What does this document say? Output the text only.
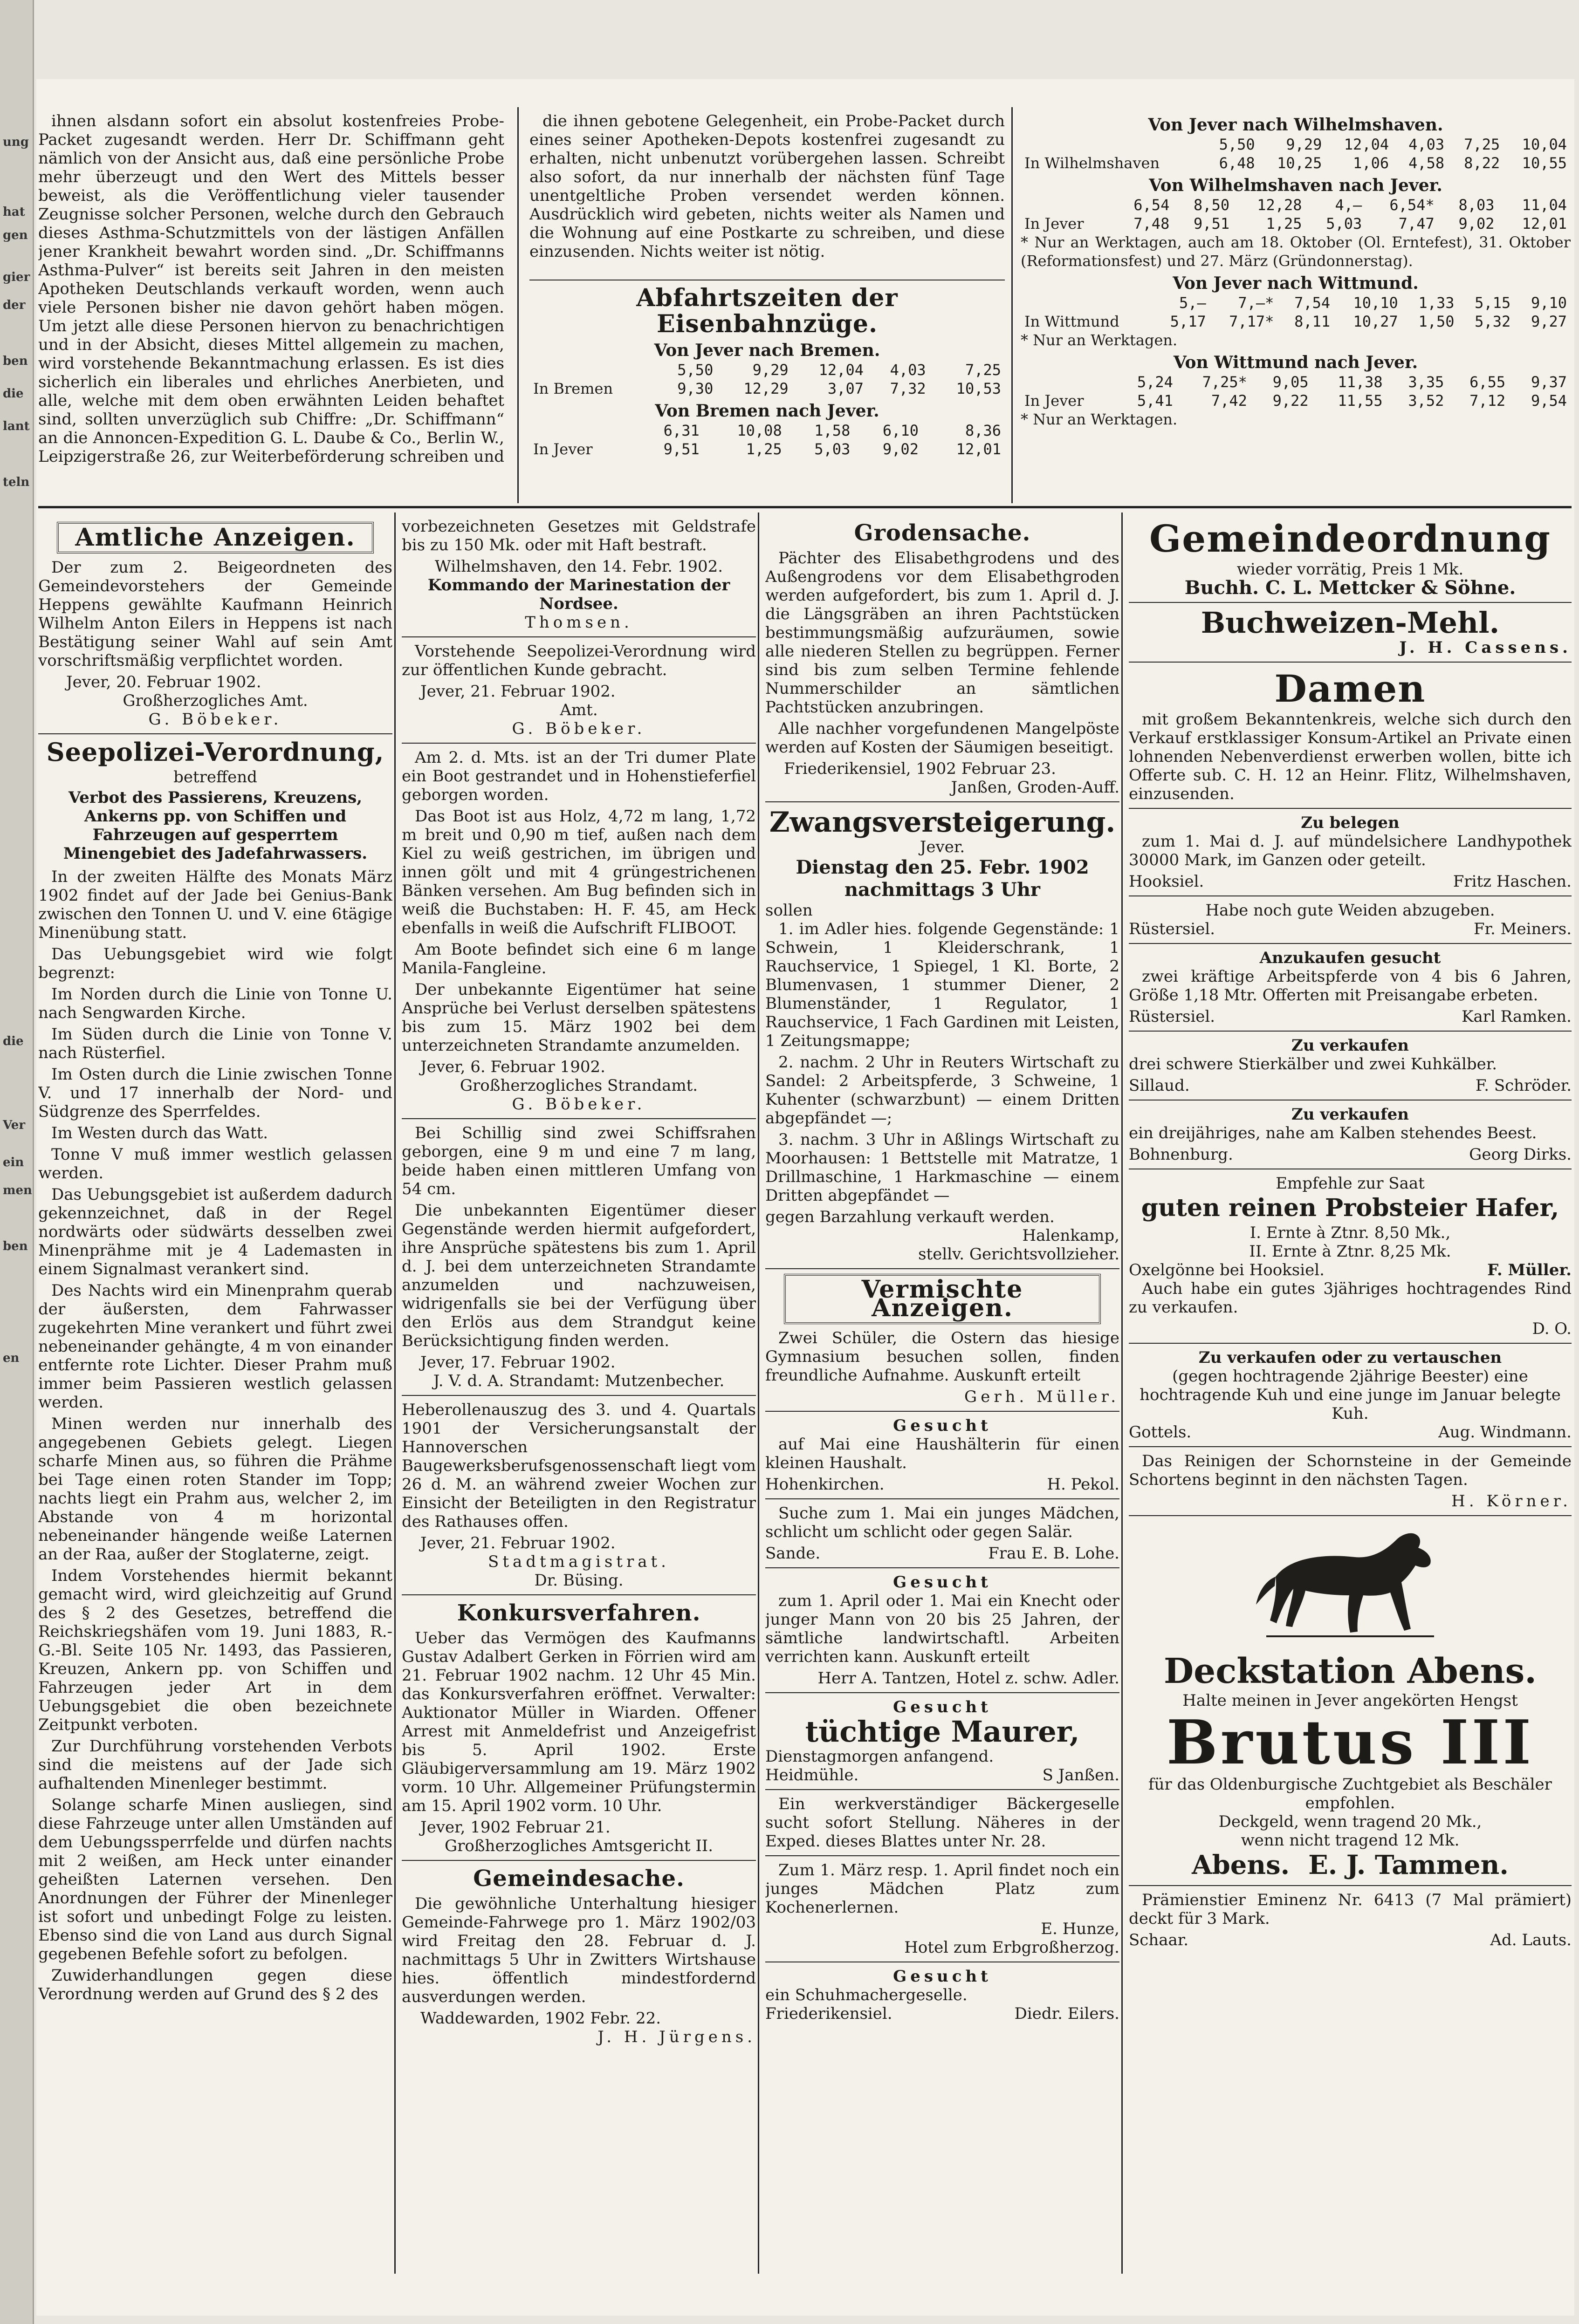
ung
hat
gen
gier
der
ben
die
lant
teln
die
Ver
ein
men
ben
en

ihnen alsdann sofort ein absolut kostenfreies Probe-Packet zugesandt werden. Herr Dr. Schiffmann geht nämlich von der Ansicht aus, daß eine persönliche Probe mehr überzeugt und den Wert des Mittels besser beweist, als die Veröffentlichung vieler tausender Zeugnisse solcher Personen, welche durch den Gebrauch dieses Asthma-Schutzmittels von der lästigen Anfällen jener Krankheit bewahrt worden sind. „Dr. Schiffmanns Asthma-Pulver“ ist bereits seit Jahren in den meisten Apotheken Deutschlands verkauft worden, wenn auch viele Personen bisher nie davon gehört haben mögen. Um jetzt alle diese Personen hiervon zu benachrichtigen und in der Absicht, dieses Mittel allgemein zu machen, wird vorstehende Bekanntmachung erlassen. Es ist dies sicherlich ein liberales und ehrliches Anerbieten, und alle, welche mit dem oben erwähnten Leiden behaftet sind, sollten unverzüglich sub Chiffre: „Dr. Schiffmann“ an die Annoncen-Expedition G. L. Daube & Co., Berlin W., Leipzigerstraße 26, zur Weiterbeförderung schreiben und

die ihnen gebotene Gelegenheit, ein Probe-Packet durch eines seiner Apotheken-Depots kostenfrei zugesandt zu erhalten, nicht unbenutzt vorübergehen lassen. Schreibt also sofort, da nur innerhalb der nächsten fünf Tage unentgeltliche Proben versendet werden können. Ausdrücklich wird gebeten, nichts weiter als Namen und die Wohnung auf eine Postkarte zu schreiben, und diese einzusenden. Nichts weiter ist nötig.

Abfahrtszeiten der Eisenbahnzüge.
Von Jever nach Bremen.
	5,50	9,29	12,04	4,03	7,25
In Bremen	9,30	12,29	3,07	7,32	10,53
Von Bremen nach Jever.
	6,31	10,08	1,58	6,10	8,36
In Jever	9,51	1,25	5,03	9,02	12,01
Von Jever nach Wilhelmshaven.
	5,50	9,29	12,04	4,03	7,25	10,04
In Wilhelmshaven	6,48	10,25	1,06	4,58	8,22	10,55
Von Wilhelmshaven nach Jever.
	6,54	8,50	12,28	4,—	6,54*	8,03	11,04
In Jever	7,48	9,51	1,25	5,03	7,47	9,02	12,01
* Nur an Werktagen, auch am 18. Oktober (Ol. Erntefest), 31. Oktober (Reformationsfest) und 27. März (Gründonnerstag).
Von Jever nach Wittmund.
	5,—	7,—*	7,54	10,10	1,33	5,15	9,10
In Wittmund	5,17	7,17*	8,11	10,27	1,50	5,32	9,27
* Nur an Werktagen.
Von Wittmund nach Jever.
	5,24	7,25*	9,05	11,38	3,35	6,55	9,37
In Jever	5,41	7,42	9,22	11,55	3,52	7,12	9,54
* Nur an Werktagen.
Amtliche Anzeigen.

Der zum 2. Beigeordneten des Gemeindevorstehers der Gemeinde Heppens gewählte Kaufmann Heinrich Wilhelm Anton Eilers in Heppens ist nach Bestätigung seiner Wahl auf sein Amt vorschriftsmäßig verpflichtet worden.

Jever, 20. Februar 1902.
Großherzogliches Amt.
G. Böbeker.
Seepolizei-Verordnung,
betreffend
Verbot des Passierens, Kreuzens, Ankerns pp. von Schiffen und Fahrzeugen auf gesperrtem Minengebiet des Jadefahrwassers.

In der zweiten Hälfte des Monats März 1902 findet auf der Jade bei Genius-Bank zwischen den Tonnen U. und V. eine 6tägige Minenübung statt.

Das Uebungsgebiet wird wie folgt begrenzt:

Im Norden durch die Linie von Tonne U. nach Sengwarden Kirche.

Im Süden durch die Linie von Tonne V. nach Rüsterfiel.

Im Osten durch die Linie zwischen Tonne V. und 17 innerhalb der Nord- und Südgrenze des Sperrfeldes.

Im Westen durch das Watt.

Tonne V muß immer westlich gelassen werden.

Das Uebungsgebiet ist außerdem dadurch gekennzeichnet, daß in der Regel nordwärts oder südwärts desselben zwei Minenprähme mit je 4 Lademasten in einem Signalmast verankert sind.

Des Nachts wird ein Minenprahm querab der äußersten, dem Fahrwasser zugekehrten Mine verankert und führt zwei nebeneinander gehängte, 4 m von einander entfernte rote Lichter. Dieser Prahm muß immer beim Passieren westlich gelassen werden.

Minen werden nur innerhalb des angegebenen Gebiets gelegt. Liegen scharfe Minen aus, so führen die Prähme bei Tage einen roten Stander im Topp; nachts liegt ein Prahm aus, welcher 2, im Abstande von 4 m horizontal nebeneinander hängende weiße Laternen an der Raa, außer der Stoglaterne, zeigt.

Indem Vorstehendes hiermit bekannt gemacht wird, wird gleichzeitig auf Grund des § 2 des Gesetzes, betreffend die Reichskriegshäfen vom 19. Juni 1883, R.-G.-Bl. Seite 105 Nr. 1493, das Passieren, Kreuzen, Ankern pp. von Schiffen und Fahrzeugen jeder Art in dem Uebungsgebiet die oben bezeichnete Zeitpunkt verboten.

Zur Durchführung vorstehenden Verbots sind die meistens auf der Jade sich aufhaltenden Minenleger bestimmt.

Solange scharfe Minen ausliegen, sind diese Fahrzeuge unter allen Umständen auf dem Uebungssperrfelde und dürfen nachts mit 2 weißen, am Heck unter einander geheißten Laternen versehen. Den Anordnungen der Führer der Minenleger ist sofort und unbedingt Folge zu leisten. Ebenso sind die von Land aus durch Signal gegebenen Befehle sofort zu befolgen.

Zuwiderhandlungen gegen diese Verordnung werden auf Grund des § 2 des

vorbezeichneten Gesetzes mit Geldstrafe bis zu 150 Mk. oder mit Haft bestraft.

Wilhelmshaven, den 14. Febr. 1902.
Kommando der Marinestation der Nordsee.
Thomsen.

Vorstehende Seepolizei-Verordnung wird zur öffentlichen Kunde gebracht.

Jever, 21. Februar 1902.
Amt.
G. Böbeker.

Am 2. d. Mts. ist an der Tri dumer Plate ein Boot gestrandet und in Hohenstieferfiel geborgen worden.

Das Boot ist aus Holz, 4,72 m lang, 1,72 m breit und 0,90 m tief, außen nach dem Kiel zu weiß gestrichen, im übrigen und innen gölt und mit 4 grüngestrichenen Bänken versehen. Am Bug befinden sich in weiß die Buchstaben: H. F. 45, am Heck ebenfalls in weiß die Aufschrift FLIBOOT.

Am Boote befindet sich eine 6 m lange Manila-Fangleine.

Der unbekannte Eigentümer hat seine Ansprüche bei Verlust derselben spätestens bis zum 15. März 1902 bei dem unterzeichneten Strandamte anzumelden.

Jever, 6. Februar 1902.
Großherzogliches Strandamt.
G. Böbeker.

Bei Schillig sind zwei Schiffsrahen geborgen, eine 9 m und eine 7 m lang, beide haben einen mittleren Umfang von 54 cm.

Die unbekannten Eigentümer dieser Gegenstände werden hiermit aufgefordert, ihre Ansprüche spätestens bis zum 1. April d. J. bei dem unterzeichneten Strandamte anzumelden und nachzuweisen, widrigenfalls sie bei der Verfügung über den Erlös aus dem Strandgut keine Berücksichtigung finden werden.

Jever, 17. Februar 1902.
J. V. d. A. Strandamt: Mutzenbecher.

Heberollenauszug des 3. und 4. Quartals 1901 der Versicherungsanstalt der Hannoverschen Baugewerksberufsgenossenschaft liegt vom 26 d. M. an während zweier Wochen zur Einsicht der Beteiligten in den Registratur des Rathauses offen.

Jever, 21. Februar 1902.
Stadtmagistrat.
Dr. Büsing.
Konkursverfahren.

Ueber das Vermögen des Kaufmanns Gustav Adalbert Gerken in Förrien wird am 21. Februar 1902 nachm. 12 Uhr 45 Min. das Konkursverfahren eröffnet. Verwalter: Auktionator Müller in Wiarden. Offener Arrest mit Anmeldefrist und Anzeigefrist bis 5. April 1902. Erste Gläubigerversammlung am 19. März 1902 vorm. 10 Uhr. Allgemeiner Prüfungstermin am 15. April 1902 vorm. 10 Uhr.

Jever, 1902 Februar 21.
Großherzogliches Amtsgericht II.
Gemeindesache.

Die gewöhnliche Unterhaltung hiesiger Gemeinde-Fahrwege pro 1. März 1902/03 wird Freitag den 28. Februar d. J. nachmittags 5 Uhr in Zwitters Wirtshause hies. öffentlich mindestfordernd ausverdungen werden.

Waddewarden, 1902 Febr. 22.
J. H. Jürgens.
Grodensache.

Pächter des Elisabethgrodens und des Außengrodens vor dem Elisabethgroden werden aufgefordert, bis zum 1. April d. J. die Längsgräben an ihren Pachtstücken bestimmungsmäßig aufzuräumen, sowie alle niederen Stellen zu begrüppen. Ferner sind bis zum selben Termine fehlende Nummerschilder an sämtlichen Pachtstücken anzubringen.

Alle nachher vorgefundenen Mangelpöste werden auf Kosten der Säumigen beseitigt.

Friederikensiel, 1902 Februar 23.
Janßen, Groden-Auff.
Zwangsversteigerung.
Jever.
Dienstag den 25. Febr. 1902 nachmittags 3 Uhr
sollen

1. im Adler hies. folgende Gegenstände: 1 Schwein, 1 Kleiderschrank, 1 Rauchservice, 1 Spiegel, 1 Kl. Borte, 2 Blumenvasen, 1 stummer Diener, 2 Blumenständer, 1 Regulator, 1 Rauchservice, 1 Fach Gardinen mit Leisten, 1 Zeitungsmappe;

2. nachm. 2 Uhr in Reuters Wirtschaft zu Sandel: 2 Arbeitspferde, 3 Schweine, 1 Kuhenter (schwarzbunt) — einem Dritten abgepfändet —;

3. nachm. 3 Uhr in Aßlings Wirtschaft zu Moorhausen: 1 Bettstelle mit Matratze, 1 Drillmaschine, 1 Harkmaschine — einem Dritten abgepfändet —

gegen Barzahlung verkauft werden.
Halenkamp,
stellv. Gerichtsvollzieher.
Vermischte Anzeigen.

Zwei Schüler, die Ostern das hiesige Gymnasium besuchen sollen, finden freundliche Aufnahme. Auskunft erteilt

Gerh. Müller.
Gesucht

auf Mai eine Haushälterin für einen kleinen Haushalt.

Hohenkirchen.	H. Pekol.

Suche zum 1. Mai ein junges Mädchen, schlicht um schlicht oder gegen Salär.

Sande.	Frau E. B. Lohe.
Gesucht

zum 1. April oder 1. Mai ein Knecht oder junger Mann von 20 bis 25 Jahren, der sämtliche landwirtschaftl. Arbeiten verrichten kann. Auskunft erteilt

Herr A. Tantzen, Hotel z. schw. Adler.
Gesucht
tüchtige Maurer,
Dienstagmorgen anfangend.
Heidmühle.	S Janßen.

Ein werkverständiger Bäckergeselle sucht sofort Stellung. Näheres in der Exped. dieses Blattes unter Nr. 28.

Zum 1. März resp. 1. April findet noch ein junges Mädchen Platz zum Kochenerlernen.

E. Hunze,
Hotel zum Erbgroßherzog.
Gesucht
ein Schuhmachergeselle.
Friederikensiel.	Diedr. Eilers.
Gemeindeordnung
wieder vorrätig, Preis 1 Mk.
Buchh. C. L. Mettcker & Söhne.
Buchweizen-Mehl.
J. H. Cassens.
Damen

mit großem Bekanntenkreis, welche sich durch den Verkauf erstklassiger Konsum-Artikel an Private einen lohnenden Nebenverdienst erwerben wollen, bitte ich Offerte sub. C. H. 12 an Heinr. Flitz, Wilhelmshaven, einzusenden.

Zu belegen

zum 1. Mai d. J. auf mündelsichere Landhypothek 30000 Mark, im Ganzen oder geteilt.

Hooksiel.	Fritz Haschen.
Habe noch gute Weiden abzugeben.
Rüstersiel.	Fr. Meiners.
Anzukaufen gesucht

zwei kräftige Arbeitspferde von 4 bis 6 Jahren, Größe 1,18 Mtr. Offerten mit Preisangabe erbeten.

Rüstersiel.	Karl Ramken.
Zu verkaufen

drei schwere Stierkälber und zwei Kuhkälber.

Sillaud.	F. Schröder.
Zu verkaufen

ein dreijähriges, nahe am Kalben stehendes Beest.

Bohnenburg.	Georg Dirks.
Empfehle zur Saat
guten reinen Probsteier Hafer,
I. Ernte à Ztnr. 8,50 Mk.,
II. Ernte à Ztnr. 8,25 Mk.
Oxelgönne bei Hooksiel.	F. Müller.

Auch habe ein gutes 3jähriges hochtragendes Rind zu verkaufen.

D. O.
Zu verkaufen oder zu vertauschen
(gegen hochtragende 2jährige Beester) eine hochtragende Kuh und eine junge im Januar belegte Kuh.
Gottels.	Aug. Windmann.

Das Reinigen der Schornsteine in der Gemeinde Schortens beginnt in den nächsten Tagen.

H. Körner.
Deckstation Abens.
Halte meinen in Jever angekörten Hengst
Brutus III
für das Oldenburgische Zuchtgebiet als Beschäler empfohlen.
Deckgeld, wenn tragend 20 Mk.,
wenn nicht tragend 12 Mk.
Abens. E. J. Tammen.

Prämienstier Eminenz Nr. 6413 (7 Mal prämiert) deckt für 3 Mark.

Schaar.	Ad. Lauts.
